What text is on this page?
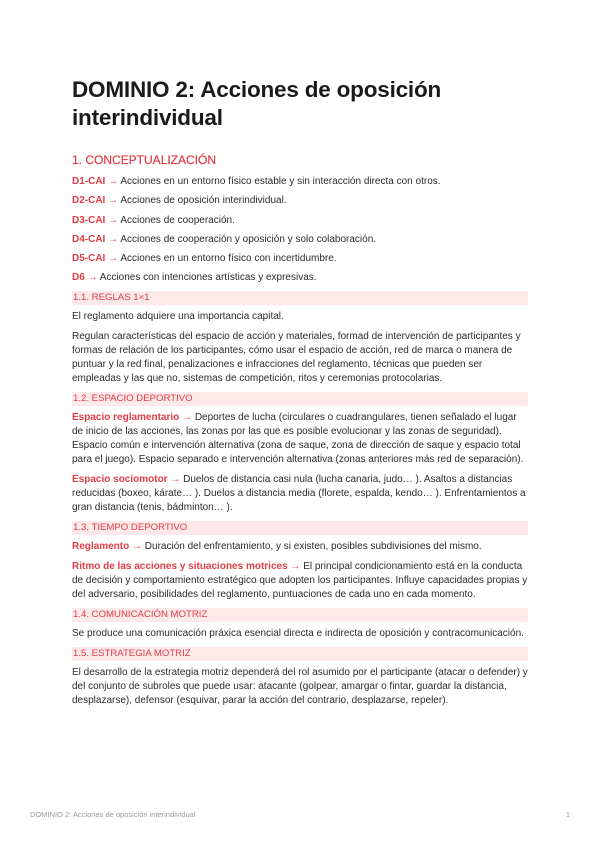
DOMINIO 2: Acciones de oposición interindividual
1. CONCEPTUALIZACIÓN
D1-CAI → Acciones en un entorno físico estable y sin interacción directa con otros.
D2-CAI → Acciones de oposición interindividual.
D3-CAI → Acciones de cooperación.
D4-CAI → Acciones de cooperación y oposición y solo colaboración.
D5-CAI → Acciones en un entorno físico con incertidumbre.
D6 → Acciones con intenciones artísticas y expresivas.
1.1. REGLAS 1×1

El reglamento adquiere una importancia capital.

Regulan características del espacio de acción y materiales, formad de intervención de participantes y formas de relación de los participantes, cómo usar el espacio de acción, red de marca o manera de puntuar y la red final, penalizaciones e infracciones del reglamento, técnicas que pueden ser empleadas y las que no, sistemas de competición, ritos y ceremonias protocolarias.

1.2. ESPACIO DEPORTIVO

Espacio reglamentario → Deportes de lucha (circulares o cuadrangulares, tienen señalado el lugar de inicio de las acciones, las zonas por las que es posible evolucionar y las zonas de seguridad). Espacio común e intervención alternativa (zona de saque, zona de dirección de saque y espacio total para el juego). Espacio separado e intervención alternativa (zonas anteriores más red de separación).

Espacio sociomotor → Duelos de distancia casi nula (lucha canaria, judo… ). Asaltos a distancias reducidas (boxeo, kárate… ). Duelos a distancia media (florete, espalda, kendo… ). Enfrentamientos a gran distancia (tenis, bádminton… ).

1.3. TIEMPO DEPORTIVO

Reglamento → Duración del enfrentamiento, y si existen, posibles subdivisiones del mismo.

Ritmo de las acciones y situaciones motrices → El principal condicionamiento está en la conducta de decisión y comportamiento estratégico que adopten los participantes. Influye capacidades propias y del adversario, posibilidades del reglamento, puntuaciones de cada uno en cada momento.

1.4. COMUNICACIÓN MOTRIZ

Se produce una comunicación práxica esencial directa e indirecta de oposición y contracomunicación.

1.5. ESTRATEGIA MOTRIZ

El desarrollo de la estrategia motriz dependerá del rol asumido por el participante (atacar o defender) y del conjunto de subroles que puede usar: atacante (golpear, amargar o fintar, guardar la distancia, desplazarse), defensor (esquivar, parar la acción del contrario, desplazarse, repeler).

DOMINIO 2: Acciones de oposición interindividual	1
